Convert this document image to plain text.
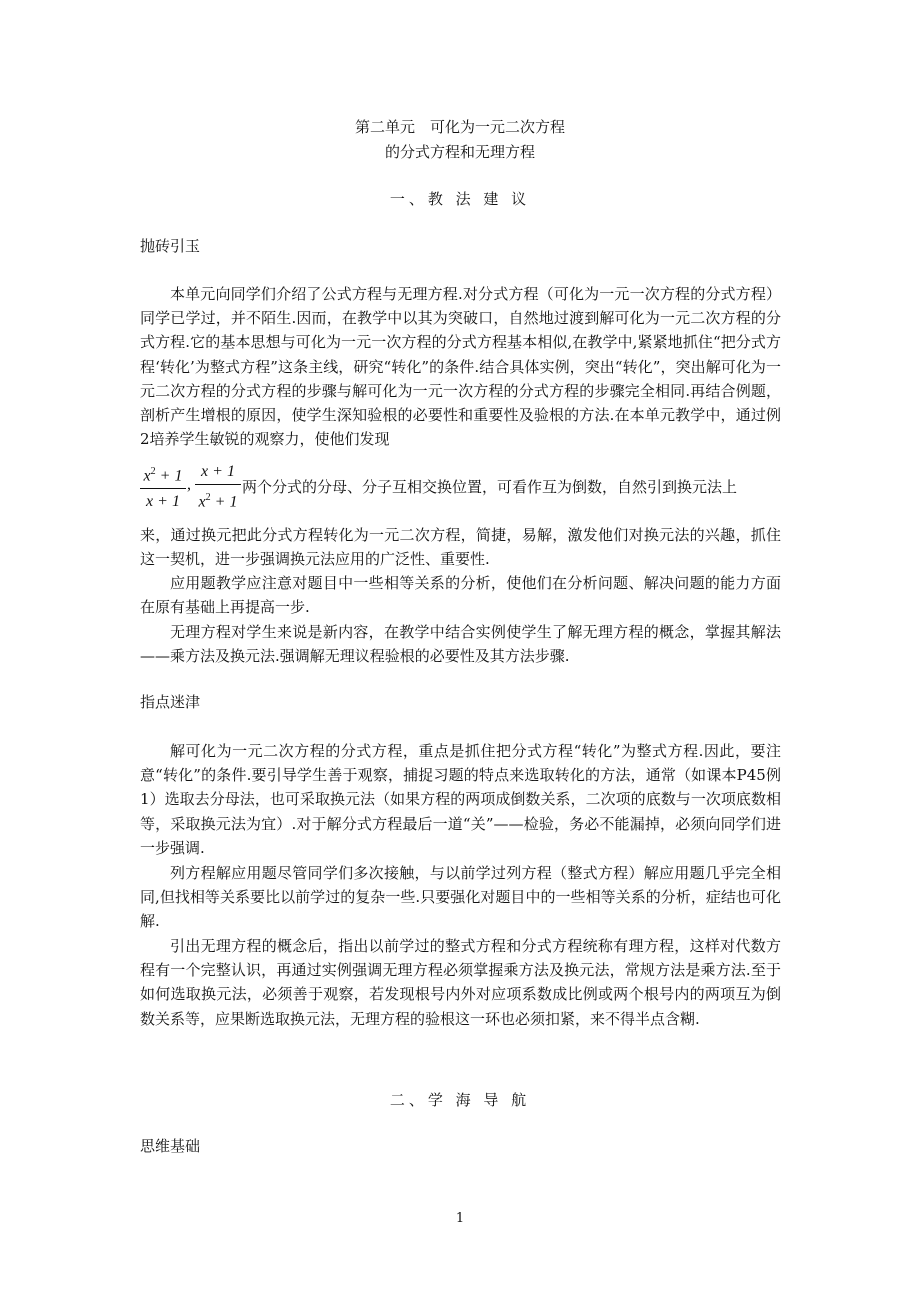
第二单元　可化为一元二次方程
的分式方程和无理方程
一、教 法 建 议
抛砖引玉

本单元向同学们介绍了公式方程与无理方程.对分式方程（可化为一元一次方程的分式方程）同学已学过，并不陌生.因而，在教学中以其为突破口，自然地过渡到解可化为一元二次方程的分式方程.它的基本思想与可化为一元一次方程的分式方程基本相似,在教学中,紧紧地抓住“把分式方程‘转化’为整式方程”这条主线，研究“转化”的条件.结合具体实例，突出“转化”，突出解可化为一元二次方程的分式方程的步骤与解可化为一元一次方程的分式方程的步骤完全相同.再结合例题，剖析产生增根的原因，使学生深知验根的必要性和重要性及验根的方法.在本单元教学中，通过例2培养学生敏锐的观察力，使他们发现

$x^2 + 1$
x + 1
,
x + 1
$x^2 + 1$
两个分式的分母、分子互相交换位置，可看作互为倒数，自然引到换元法上

来，通过换元把此分式方程转化为一元二次方程，简捷，易解，激发他们对换元法的兴趣，抓住这一契机，进一步强调换元法应用的广泛性、重要性.

应用题教学应注意对题目中一些相等关系的分析，使他们在分析问题、解决问题的能力方面在原有基础上再提高一步.

无理方程对学生来说是新内容，在教学中结合实例使学生了解无理方程的概念，掌握其解法——乘方法及换元法.强调解无理议程验根的必要性及其方法步骤.

指点迷津

解可化为一元二次方程的分式方程，重点是抓住把分式方程“转化”为整式方程.因此，要注意“转化”的条件.要引导学生善于观察，捕捉习题的特点来选取转化的方法，通常（如课本P45例1）选取去分母法，也可采取换元法（如果方程的两项成倒数关系，二次项的底数与一次项底数相等，采取换元法为宜）.对于解分式方程最后一道“关”——检验，务必不能漏掉，必须向同学们进一步强调.

列方程解应用题尽管同学们多次接触，与以前学过列方程（整式方程）解应用题几乎完全相同,但找相等关系要比以前学过的复杂一些.只要强化对题目中的一些相等关系的分析，症结也可化解.

引出无理方程的概念后，指出以前学过的整式方程和分式方程统称有理方程，这样对代数方程有一个完整认识，再通过实例强调无理方程必须掌握乘方法及换元法，常规方法是乘方法.至于如何选取换元法，必须善于观察，若发现根号内外对应项系数成比例或两个根号内的两项互为倒数关系等，应果断选取换元法，无理方程的验根这一环也必须扣紧，来不得半点含糊.

二、学 海 导 航
思维基础
1
